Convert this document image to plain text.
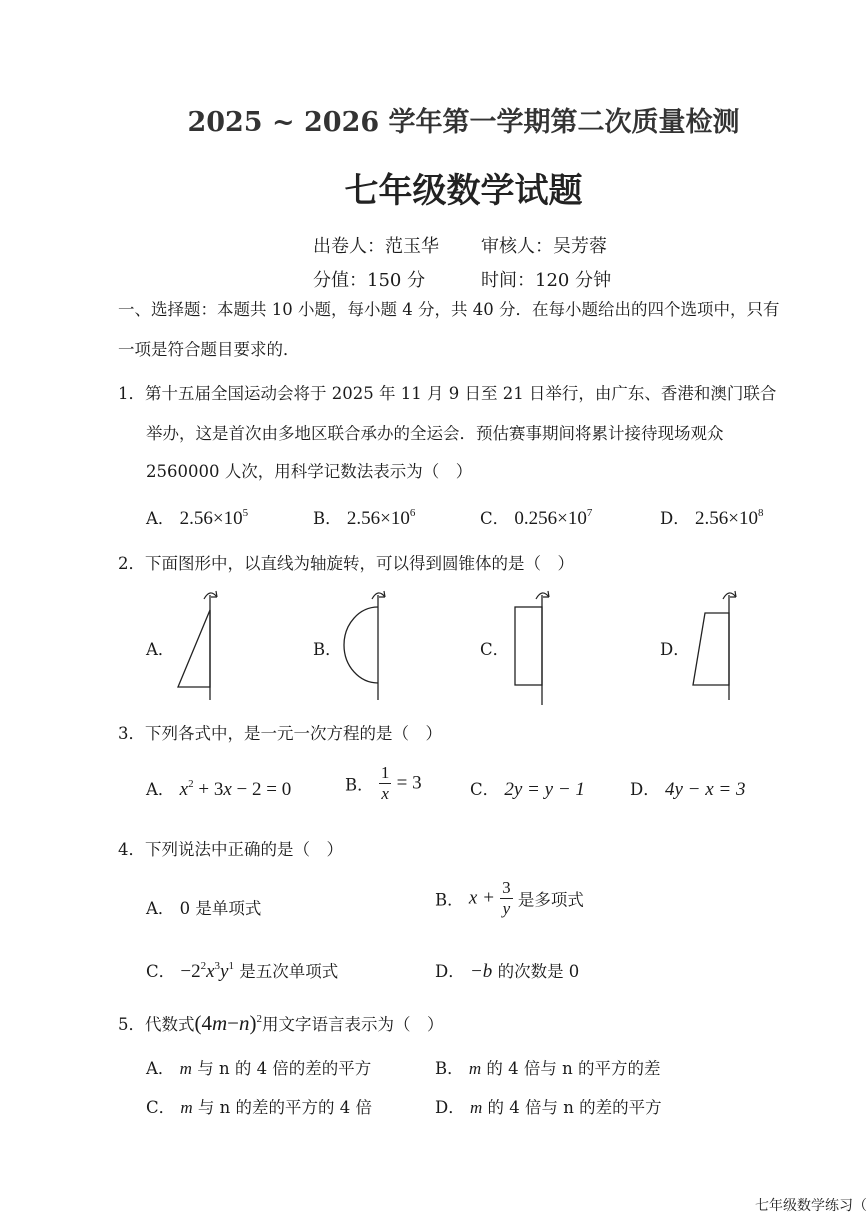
2025 ~ 2026 学年第一学期第二次质量检测
七年级数学试题
出卷人：范玉华 审核人：吴芳蓉
分值：150 分	时间：120 分钟
一、选择题：本题共 10 小题，每小题 4 分，共 40 分．在每小题给出的四个选项中，只有
一项是符合题目要求的．
1．第十五届全国运动会将于 2025 年 11 月 9 日至 21 日举行，由广东、香港和澳门联合
举办，这是首次由多地区联合承办的全运会．预估赛事期间将累计接待现场观众
2560000 人次，用科学记数法表示为（　）
A． $2.56\times 10^5$	B． $2.56\times 10^6$	C． $0.256\times 10^7$	D． $2.56\times 10^8$
2．下面图形中，以直线为轴旋转，可以得到圆锥体的是（　）
A．	B．	C．	D．
3．下列各式中，是一元一次方程的是（　）
A． $x^2 + 3x - 2 = 0$	B． $\frac{1}{x} = 3$	C． 2y = y − 1	D． 4y − x = 3
4．下列说法中正确的是（　）
A． 0 是单项式	B． $x + \frac{3}{y}$ 是多项式
C． $-2^2x^3y^1$ 是五次单项式	D． −b 的次数是 0
5．代数式$(4m-n)^2$用文字语言表示为（　）
A． m 与 n 的 4 倍的差的平方	B． m 的 4 倍与 n 的平方的差
C． m 与 n 的差的平方的 4 倍	D． m 的 4 倍与 n 的差的平方
七年级数学练习（
